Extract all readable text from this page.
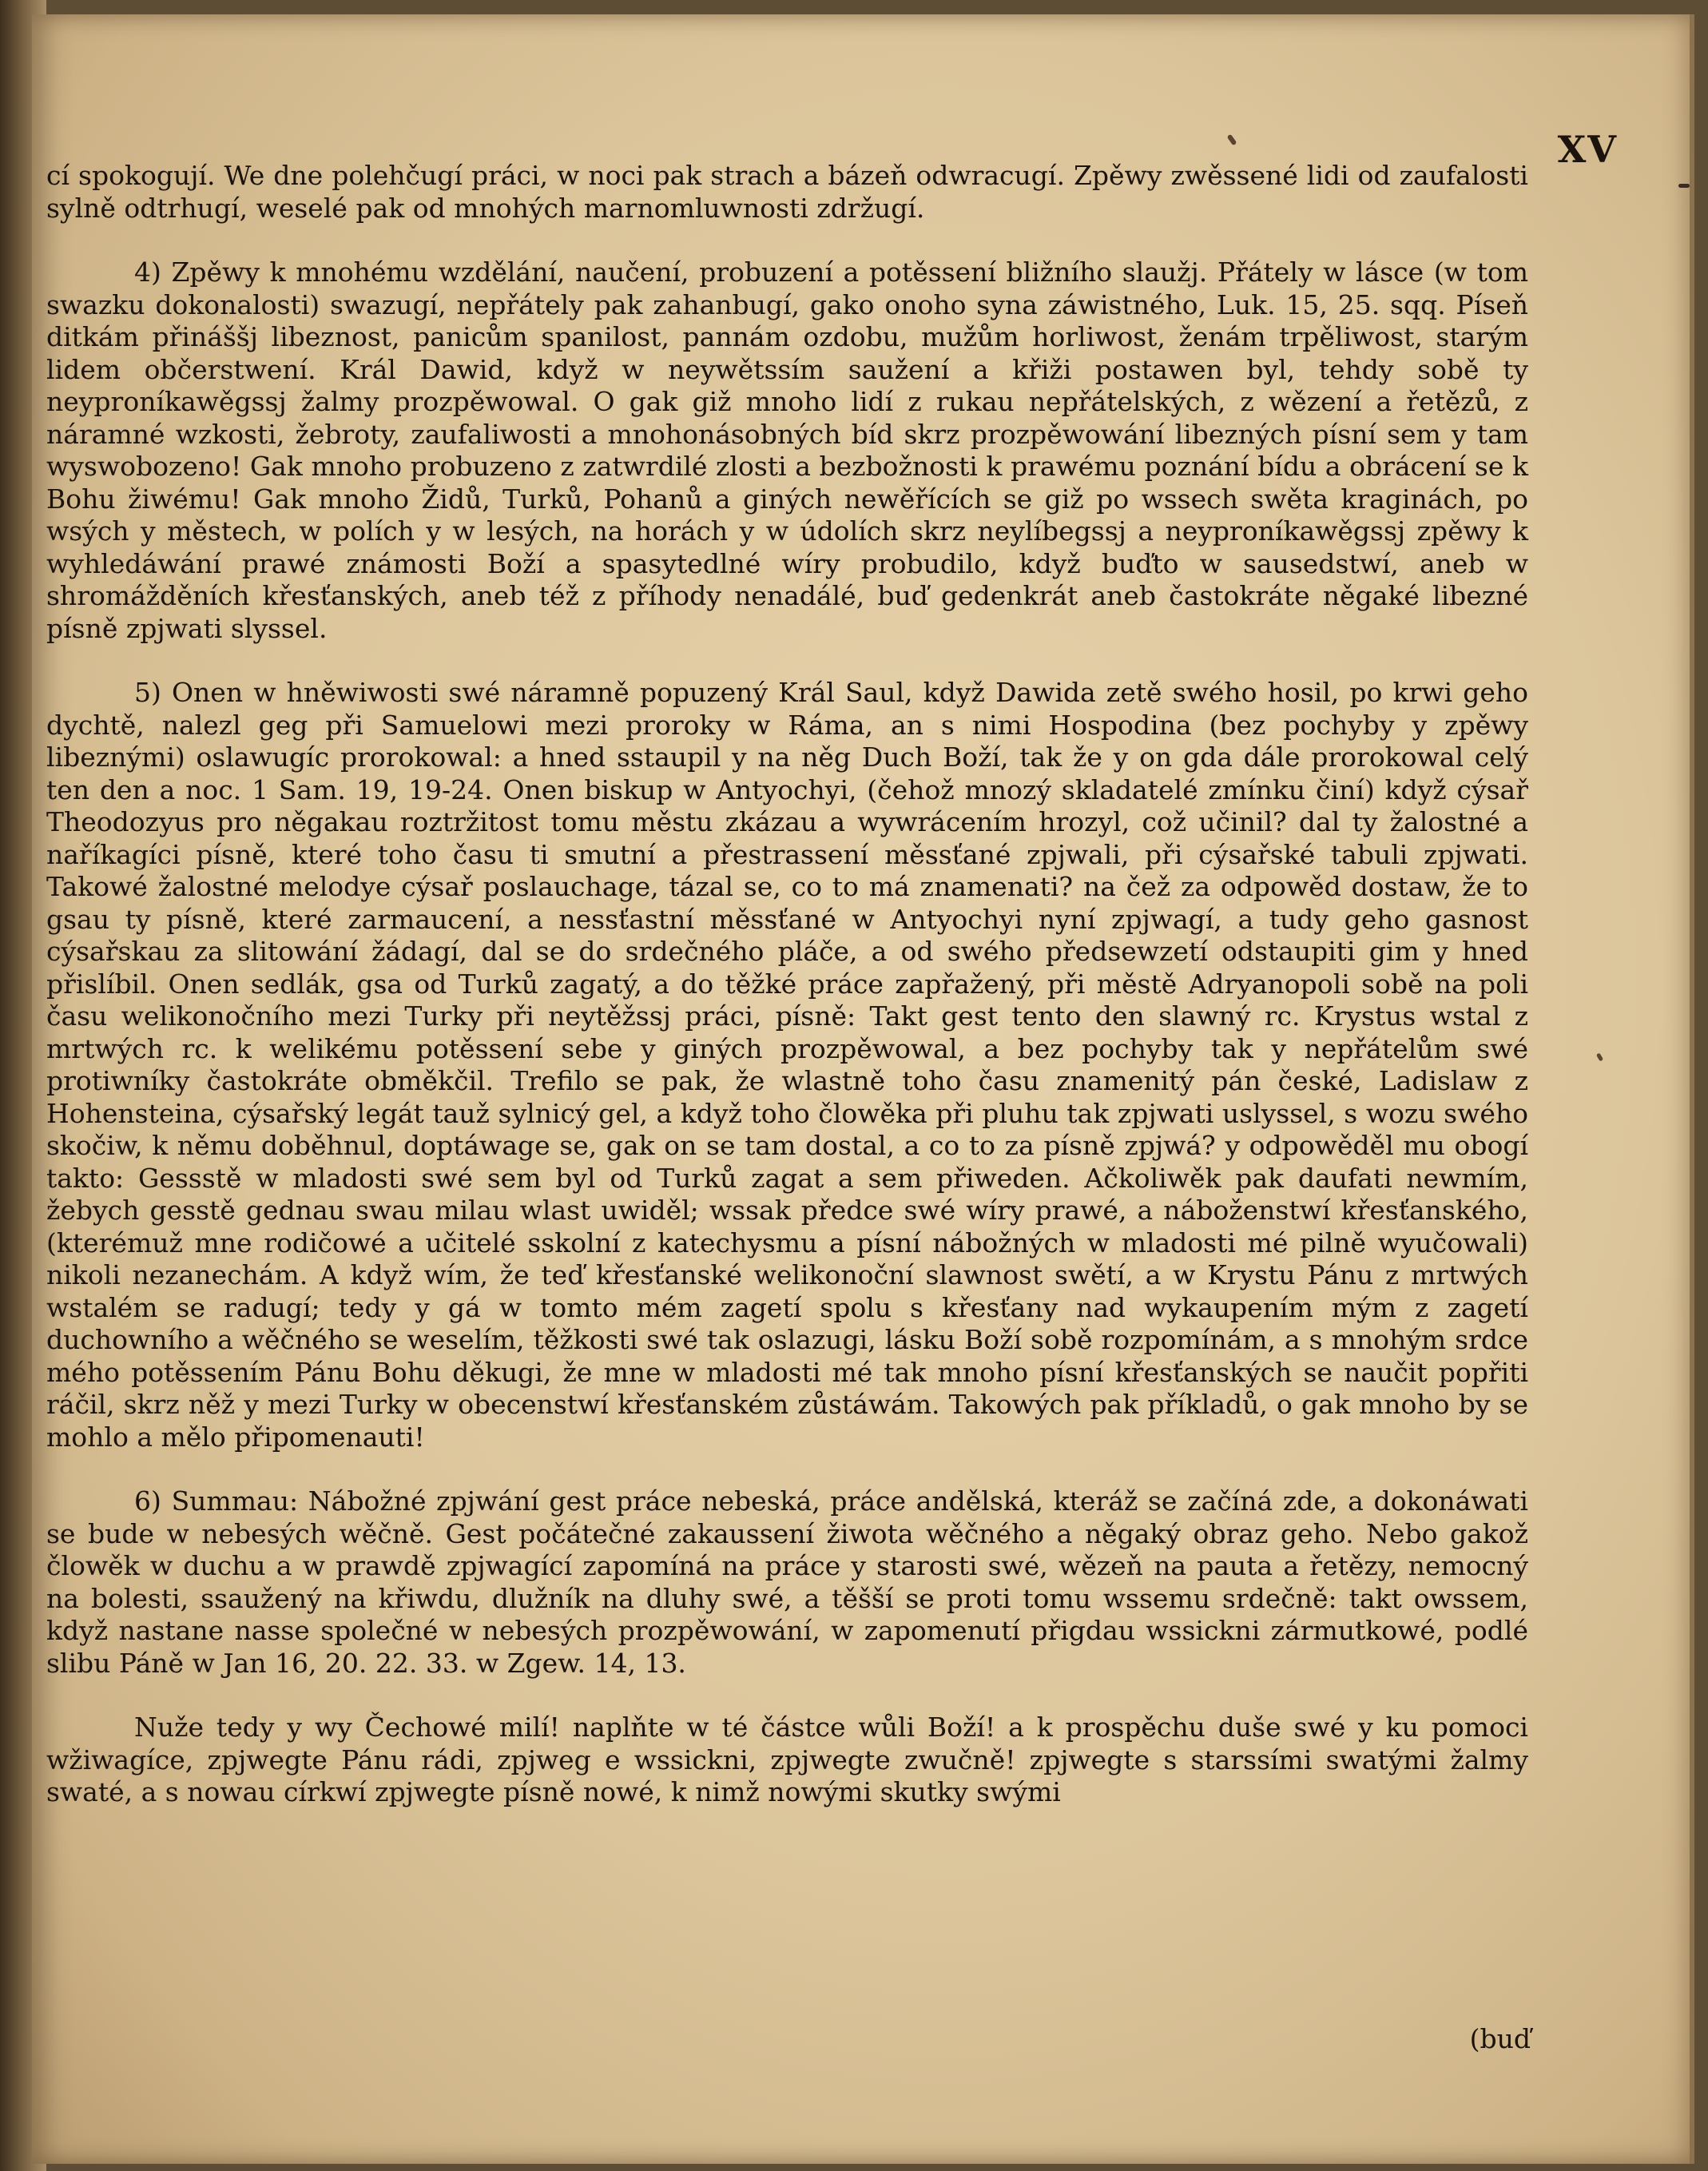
XV

cí spokogují. We dne polehčugí práci, w noci pak strach a bázeň odwracugí. Zpěwy zwěssené lidi od zaufalosti sylně odtrhugí, weselé pak od mnohých marnomluwnosti zdržugí.

4) Zpěwy k mnohému wzdělání, naučení, probuzení a potěssení bližního slaužj. Přátely w lásce (w tom swazku dokonalosti) swazugí, nepřátely pak zahanbugí, gako onoho syna záwistného, Luk. 15, 25. sqq. Píseň ditkám přináššj libeznost, panicům spanilost, pannám ozdobu, mužům horliwost, ženám trpěliwost, starým lidem občerstwení. Král Dawid, když w neywětssím saužení a křiži postawen byl, tehdy sobě ty neyproníkawěgssj žalmy prozpěwowal. O gak giž mnoho lidí z rukau nepřátelských, z wězení a řetězů, z náramné wzkosti, žebroty, zaufaliwosti a mnohonásobných bíd skrz prozpěwowání libezných písní sem y tam wyswobozeno! Gak mnoho probuzeno z zatwrdilé zlosti a bezbožnosti k prawému poznání bídu a obrácení se k Bohu žiwému! Gak mnoho Židů, Turků, Pohanů a giných newěřících se giž po wssech swěta kraginách, po wsých y městech, w polích y w lesých, na horách y w údolích skrz neylíbegssj a neyproníkawěgssj zpěwy k wyhledáwání prawé známosti Boží a spasytedlné wíry probudilo, když buďto w sausedstwí, aneb w shromážděních křesťanských, aneb též z příhody nenadálé, buď gedenkrát aneb častokráte něgaké libezné písně zpjwati slyssel.

5) Onen w hněwiwosti swé náramně popuzený Král Saul, když Dawida zetě swého hosil, po krwi geho dychtě, nalezl geg při Samuelowi mezi proroky w Ráma, an s nimi Hospodina (bez pochyby y zpěwy libeznými) oslawugíc prorokowal: a hned sstaupil y na něg Duch Boží, tak že y on gda dále prorokowal celý ten den a noc. 1 Sam. 19, 19-24. Onen biskup w Antyochyi, (čehož mnozý skladatelé zmínku činí) když cýsař Theodozyus pro něgakau roztržitost tomu městu zkázau a wywrácením hrozyl, což učinil? dal ty žalostné a naříkagíci písně, které toho času ti smutní a přestrassení měssťané zpjwali, při cýsařské tabuli zpjwati. Takowé žalostné melodye cýsař poslauchage, tázal se, co to má znamenati? na čež za odpowěd dostaw, že to gsau ty písně, které zarmaucení, a nessťastní měssťané w Antyochyi nyní zpjwagí, a tudy geho gasnost cýsařskau za slitowání žádagí, dal se do srdečného pláče, a od swého předsewzetí odstaupiti gim y hned přislíbil. Onen sedlák, gsa od Turků zagatý, a do těžké práce zapřažený, při městě Adryanopoli sobě na poli času welikonočního mezi Turky při neytěžssj práci, písně: Takt gest tento den slawný rc. Krystus wstal z mrtwých rc. k welikému potěssení sebe y giných prozpěwowal, a bez pochyby tak y nepřátelům swé protiwníky častokráte obměkčil. Trefilo se pak, že wlastně toho času znamenitý pán české, Ladislaw z Hohensteina, cýsařský legát tauž sylnicý gel, a když toho člowěka při pluhu tak zpjwati uslyssel, s wozu swého skočiw, k němu doběhnul, doptáwage se, gak on se tam dostal, a co to za písně zpjwá? y odpowěděl mu obogí takto: Gessstě w mladosti swé sem byl od Turků zagat a sem přiweden. Ačkoliwěk pak daufati newmím, žebych gesstě gednau swau milau wlast uwiděl; wssak předce swé wíry prawé, a náboženstwí křesťanského, (kterémuž mne rodičowé a učitelé sskolní z katechysmu a písní nábožných w mladosti mé pilně wyučowali) nikoli nezanechám. A když wím, že teď křesťanské welikonoční slawnost swětí, a w Krystu Pánu z mrtwých wstalém se radugí; tedy y gá w tomto mém zagetí spolu s křesťany nad wykaupením mým z zagetí duchowního a wěčného se weselím, těžkosti swé tak oslazugi, lásku Boží sobě rozpomínám, a s mnohým srdce mého potěssením Pánu Bohu děkugi, že mne w mladosti mé tak mnoho písní křesťanských se naučit popřiti ráčil, skrz něž y mezi Turky w obecenstwí křesťanském zůstáwám. Takowých pak příkladů, o gak mnoho by se mohlo a mělo připomenauti!

6) Summau: Nábožné zpjwání gest práce nebeská, práce andělská, kteráž se začíná zde, a dokonáwati se bude w nebesých wěčně. Gest počátečné zakaussení žiwota wěčného a něgaký obraz geho. Nebo gakož člowěk w duchu a w prawdě zpjwagící zapomíná na práce y starosti swé, wězeň na pauta a řetězy, nemocný na bolesti, ssaužený na křiwdu, dlužník na dluhy swé, a těšší se proti tomu wssemu srdečně: takt owssem, když nastane nasse společné w nebesých prozpěwowání, w zapomenutí přigdau wssickni zármutkowé, podlé slibu Páně w Jan 16, 20. 22. 33. w Zgew. 14, 13.

Nuže tedy y wy Čechowé milí! naplňte w té částce wůli Boží! a k prospěchu duše swé y ku pomoci wžiwagíce, zpjwegte Pánu rádi, zpjweg e wssickni, zpjwegte zwučně! zpjwegte s starssími swatými žalmy swaté, a s nowau církwí zpjwegte písně nowé, k nimž nowými skutky swými

(buď
